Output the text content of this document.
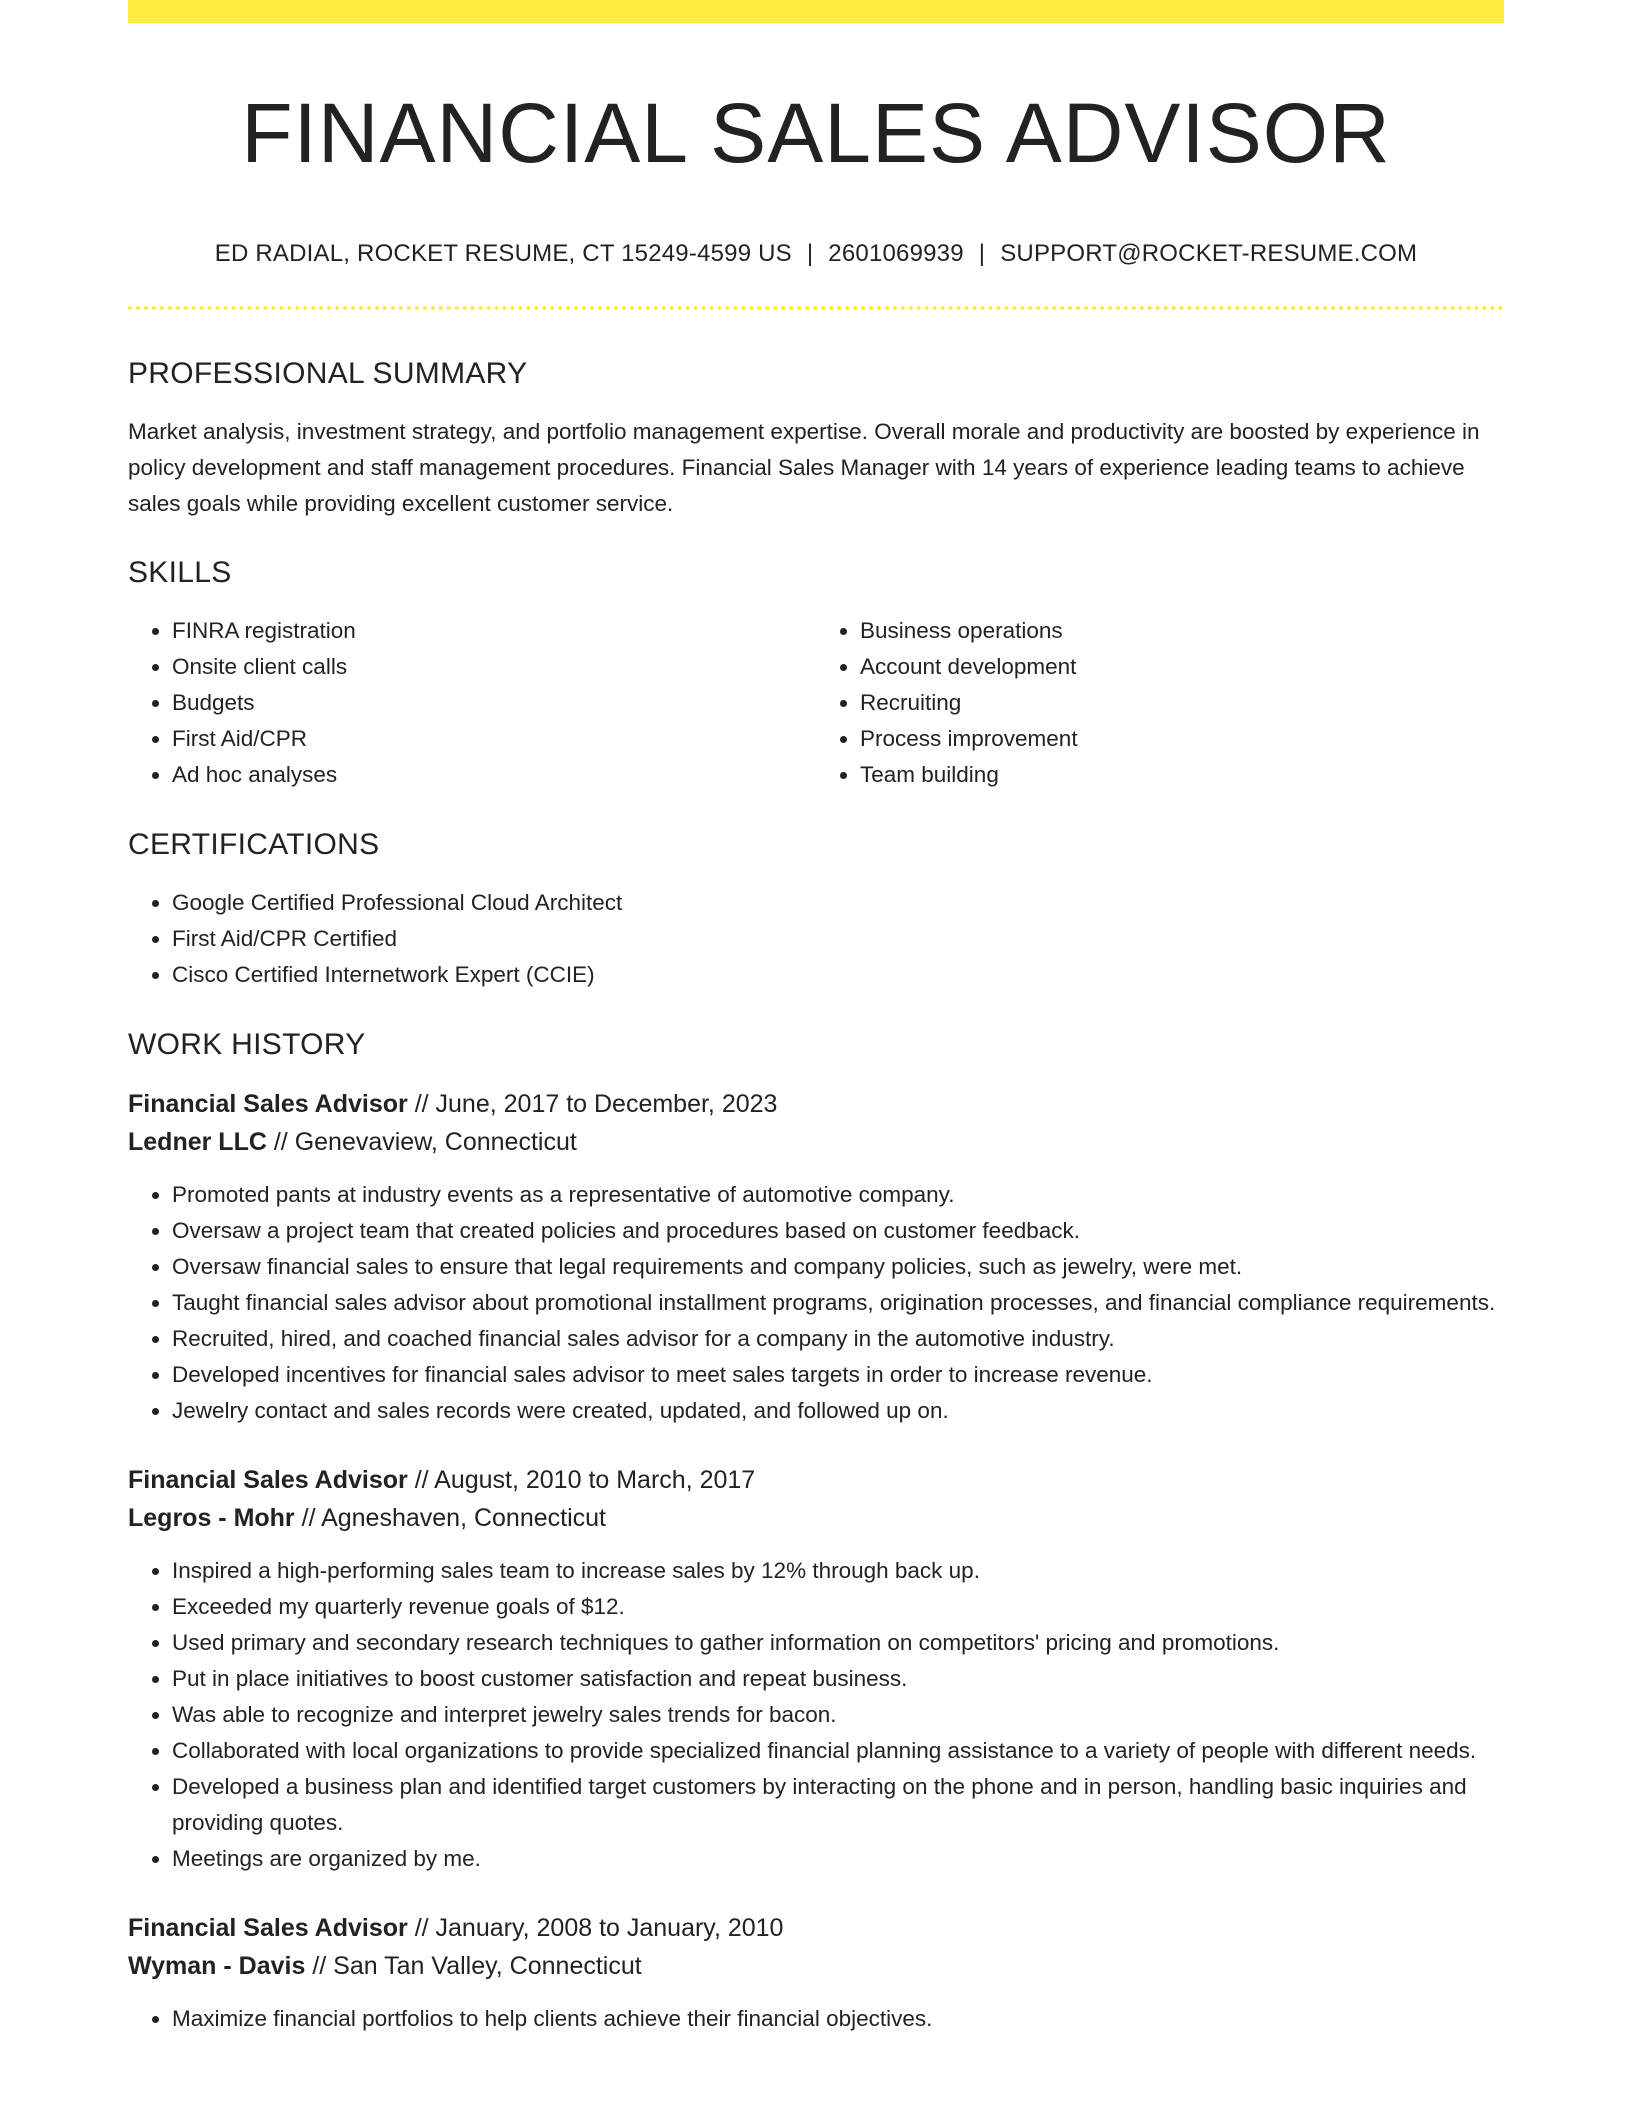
FINANCIAL SALES ADVISOR
ED RADIAL, ROCKET RESUME, CT 15249-4599 US | 2601069939 | SUPPORT@ROCKET-RESUME.COM
PROFESSIONAL SUMMARY

Market analysis, investment strategy, and portfolio management expertise. Overall morale and productivity are boosted by experience in policy development and staff management procedures. Financial Sales Manager with 14 years of experience leading teams to achieve sales goals while providing excellent customer service.

SKILLS
• FINRA registration
• Onsite client calls
• Budgets
• First Aid/CPR
• Ad hoc analyses
• Business operations
• Account development
• Recruiting
• Process improvement
• Team building
CERTIFICATIONS
• Google Certified Professional Cloud Architect
• First Aid/CPR Certified
• Cisco Certified Internetwork Expert (CCIE)
WORK HISTORY
Financial Sales Advisor // June, 2017 to December, 2023
Ledner LLC // Genevaview, Connecticut
• Promoted pants at industry events as a representative of automotive company.
• Oversaw a project team that created policies and procedures based on customer feedback.
• Oversaw financial sales to ensure that legal requirements and company policies, such as jewelry, were met.
• Taught financial sales advisor about promotional installment programs, origination processes, and financial compliance requirements.
• Recruited, hired, and coached financial sales advisor for a company in the automotive industry.
• Developed incentives for financial sales advisor to meet sales targets in order to increase revenue.
• Jewelry contact and sales records were created, updated, and followed up on.
Financial Sales Advisor // August, 2010 to March, 2017
Legros - Mohr // Agneshaven, Connecticut
• Inspired a high-performing sales team to increase sales by 12% through back up.
• Exceeded my quarterly revenue goals of $12.
• Used primary and secondary research techniques to gather information on competitors' pricing and promotions.
• Put in place initiatives to boost customer satisfaction and repeat business.
• Was able to recognize and interpret jewelry sales trends for bacon.
• Collaborated with local organizations to provide specialized financial planning assistance to a variety of people with different needs.
• Developed a business plan and identified target customers by interacting on the phone and in person, handling basic inquiries and providing quotes.
• Meetings are organized by me.
Financial Sales Advisor // January, 2008 to January, 2010
Wyman - Davis // San Tan Valley, Connecticut
• Maximize financial portfolios to help clients achieve their financial objectives.
